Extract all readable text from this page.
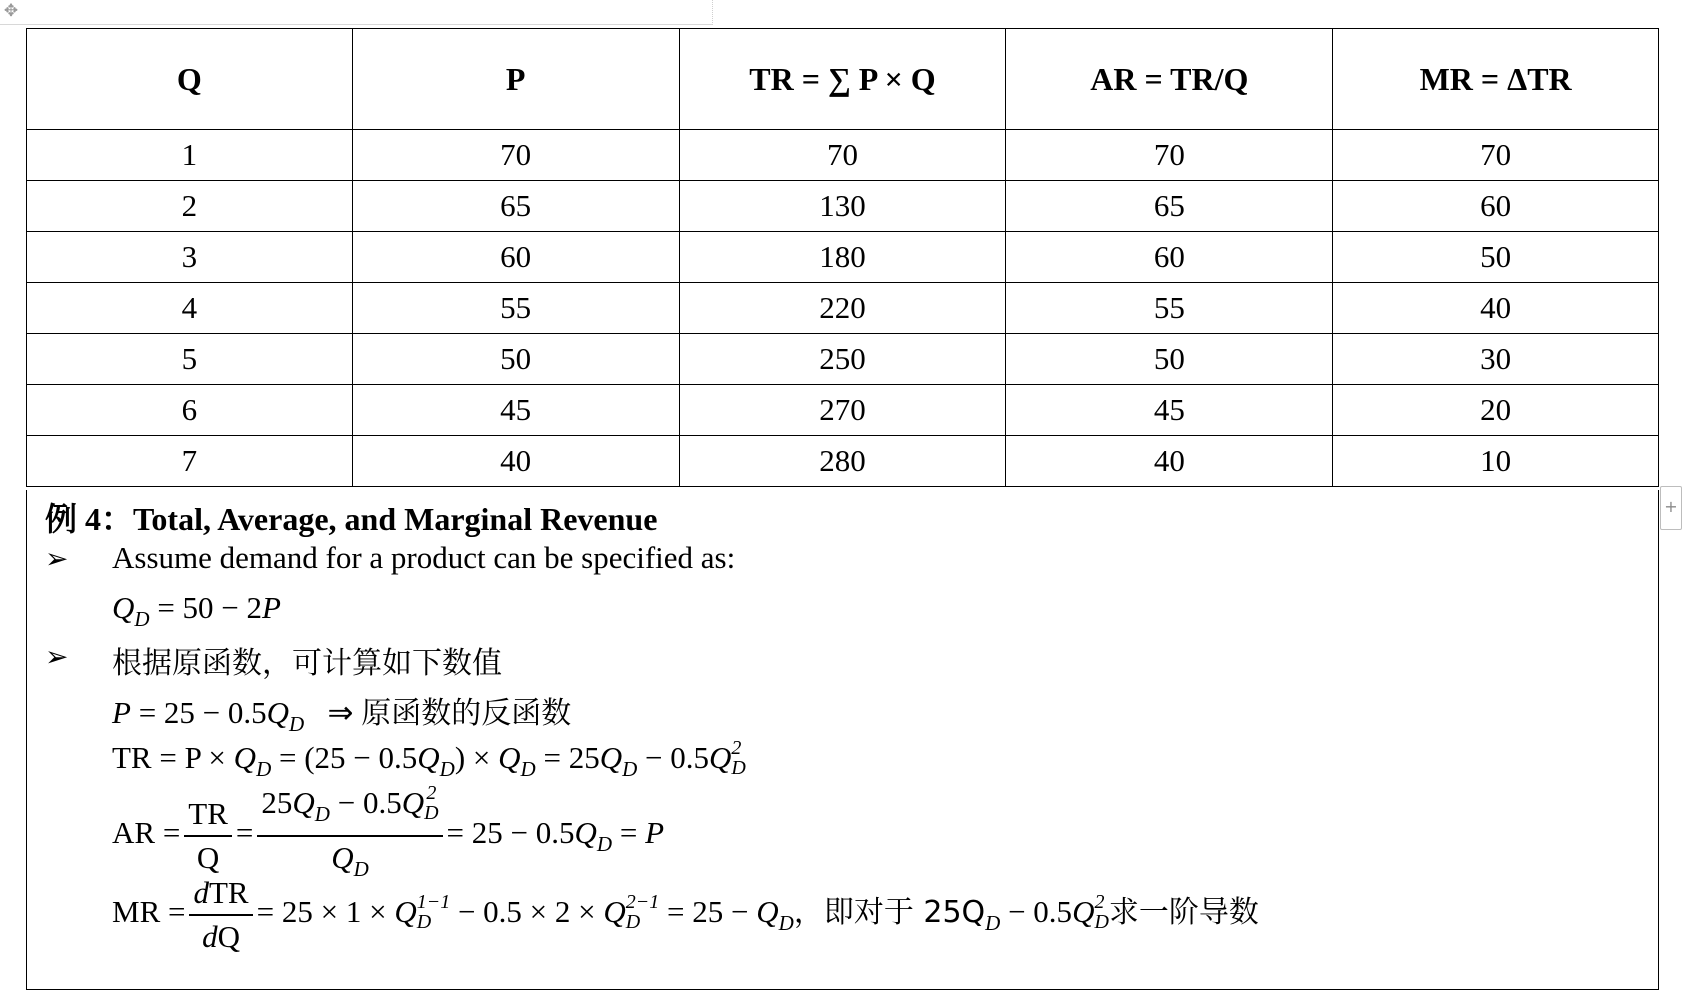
✥
Q	P	TR = ∑ P × Q	AR = TR/Q	MR = ΔTR
1	70	70	70	70
2	65	130	65	60
3	60	180	60	50
4	55	220	55	40
5	50	250	50	30
6	45	270	45	20
7	40	280	40	10
+
例 4：Total, Average, and Marginal Revenue
➢ Assume demand for a product can be specified as:
$Q_D = 50 - 2P$
➢ 根据原函数，可计算如下数值
$P = 25 - 0.5Q_D$   ⇒ 原函数的反函数
TR = $P \times Q_D = (25 - 0.5Q_D) \times Q_D = 25Q_D - 0.5Q$ 2
D
AR = $\frac{TR}{Q} = 25Q_D - 0.5Q$ 2
D
$Q_D = 25 - 0.5Q_D = P$
MR = $\frac{\text{dTR}}{dQ} = 25 \times 1 \times Q$ 1−1
D − 0.5 × 2 × Q 2−1
$D = 25 - Q_D$，即对于 $25Q_D - 0.5Q$ 2
D 求一阶导数
